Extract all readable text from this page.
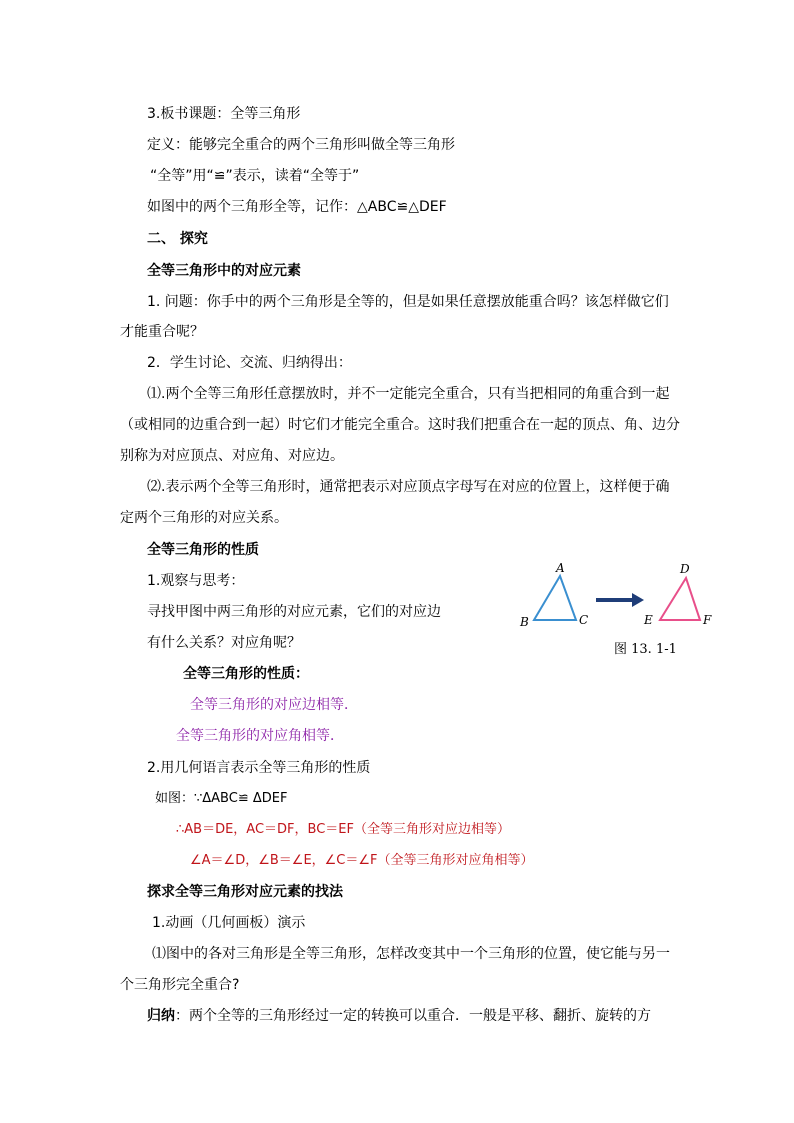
3.板书课题：全等三角形
定义：能够完全重合的两个三角形叫做全等三角形
“全等”用“≌”表示，读着“全等于”
如图中的两个三角形全等，记作：△ABC≌△DEF
二、 探究
全等三角形中的对应元素
1. 问题：你手中的两个三角形是全等的，但是如果任意摆放能重合吗？该怎样做它们
才能重合呢？
2．学生讨论、交流、归纳得出：
⑴.两个全等三角形任意摆放时，并不一定能完全重合，只有当把相同的角重合到一起
（或相同的边重合到一起）时它们才能完全重合。这时我们把重合在一起的顶点、角、边分
别称为对应顶点、对应角、对应边。
⑵.表示两个全等三角形时，通常把表示对应顶点字母写在对应的位置上，这样便于确
定两个三角形的对应关系。
全等三角形的性质
1.观察与思考：
寻找甲图中两三角形的对应元素，它们的对应边
有什么关系？对应角呢？
全等三角形的性质：
全等三角形的对应边相等．
全等三角形的对应角相等．
2.用几何语言表示全等三角形的性质
如图：∵ΔABC≌ ΔDEF
∴AB＝DE，AC＝DF，BC＝EF（全等三角形对应边相等）
∠A＝∠D，∠B＝∠E，∠C＝∠F（全等三角形对应角相等）
探求全等三角形对应元素的找法
1.动画（几何画板）演示
⑴图中的各对三角形是全等三角形，怎样改变其中一个三角形的位置，使它能与另一
个三角形完全重合?
归纳：两个全等的三角形经过一定的转换可以重合．一般是平移、翻折、旋转的方
A
B	C
D
E	F
图 13. 1-1
